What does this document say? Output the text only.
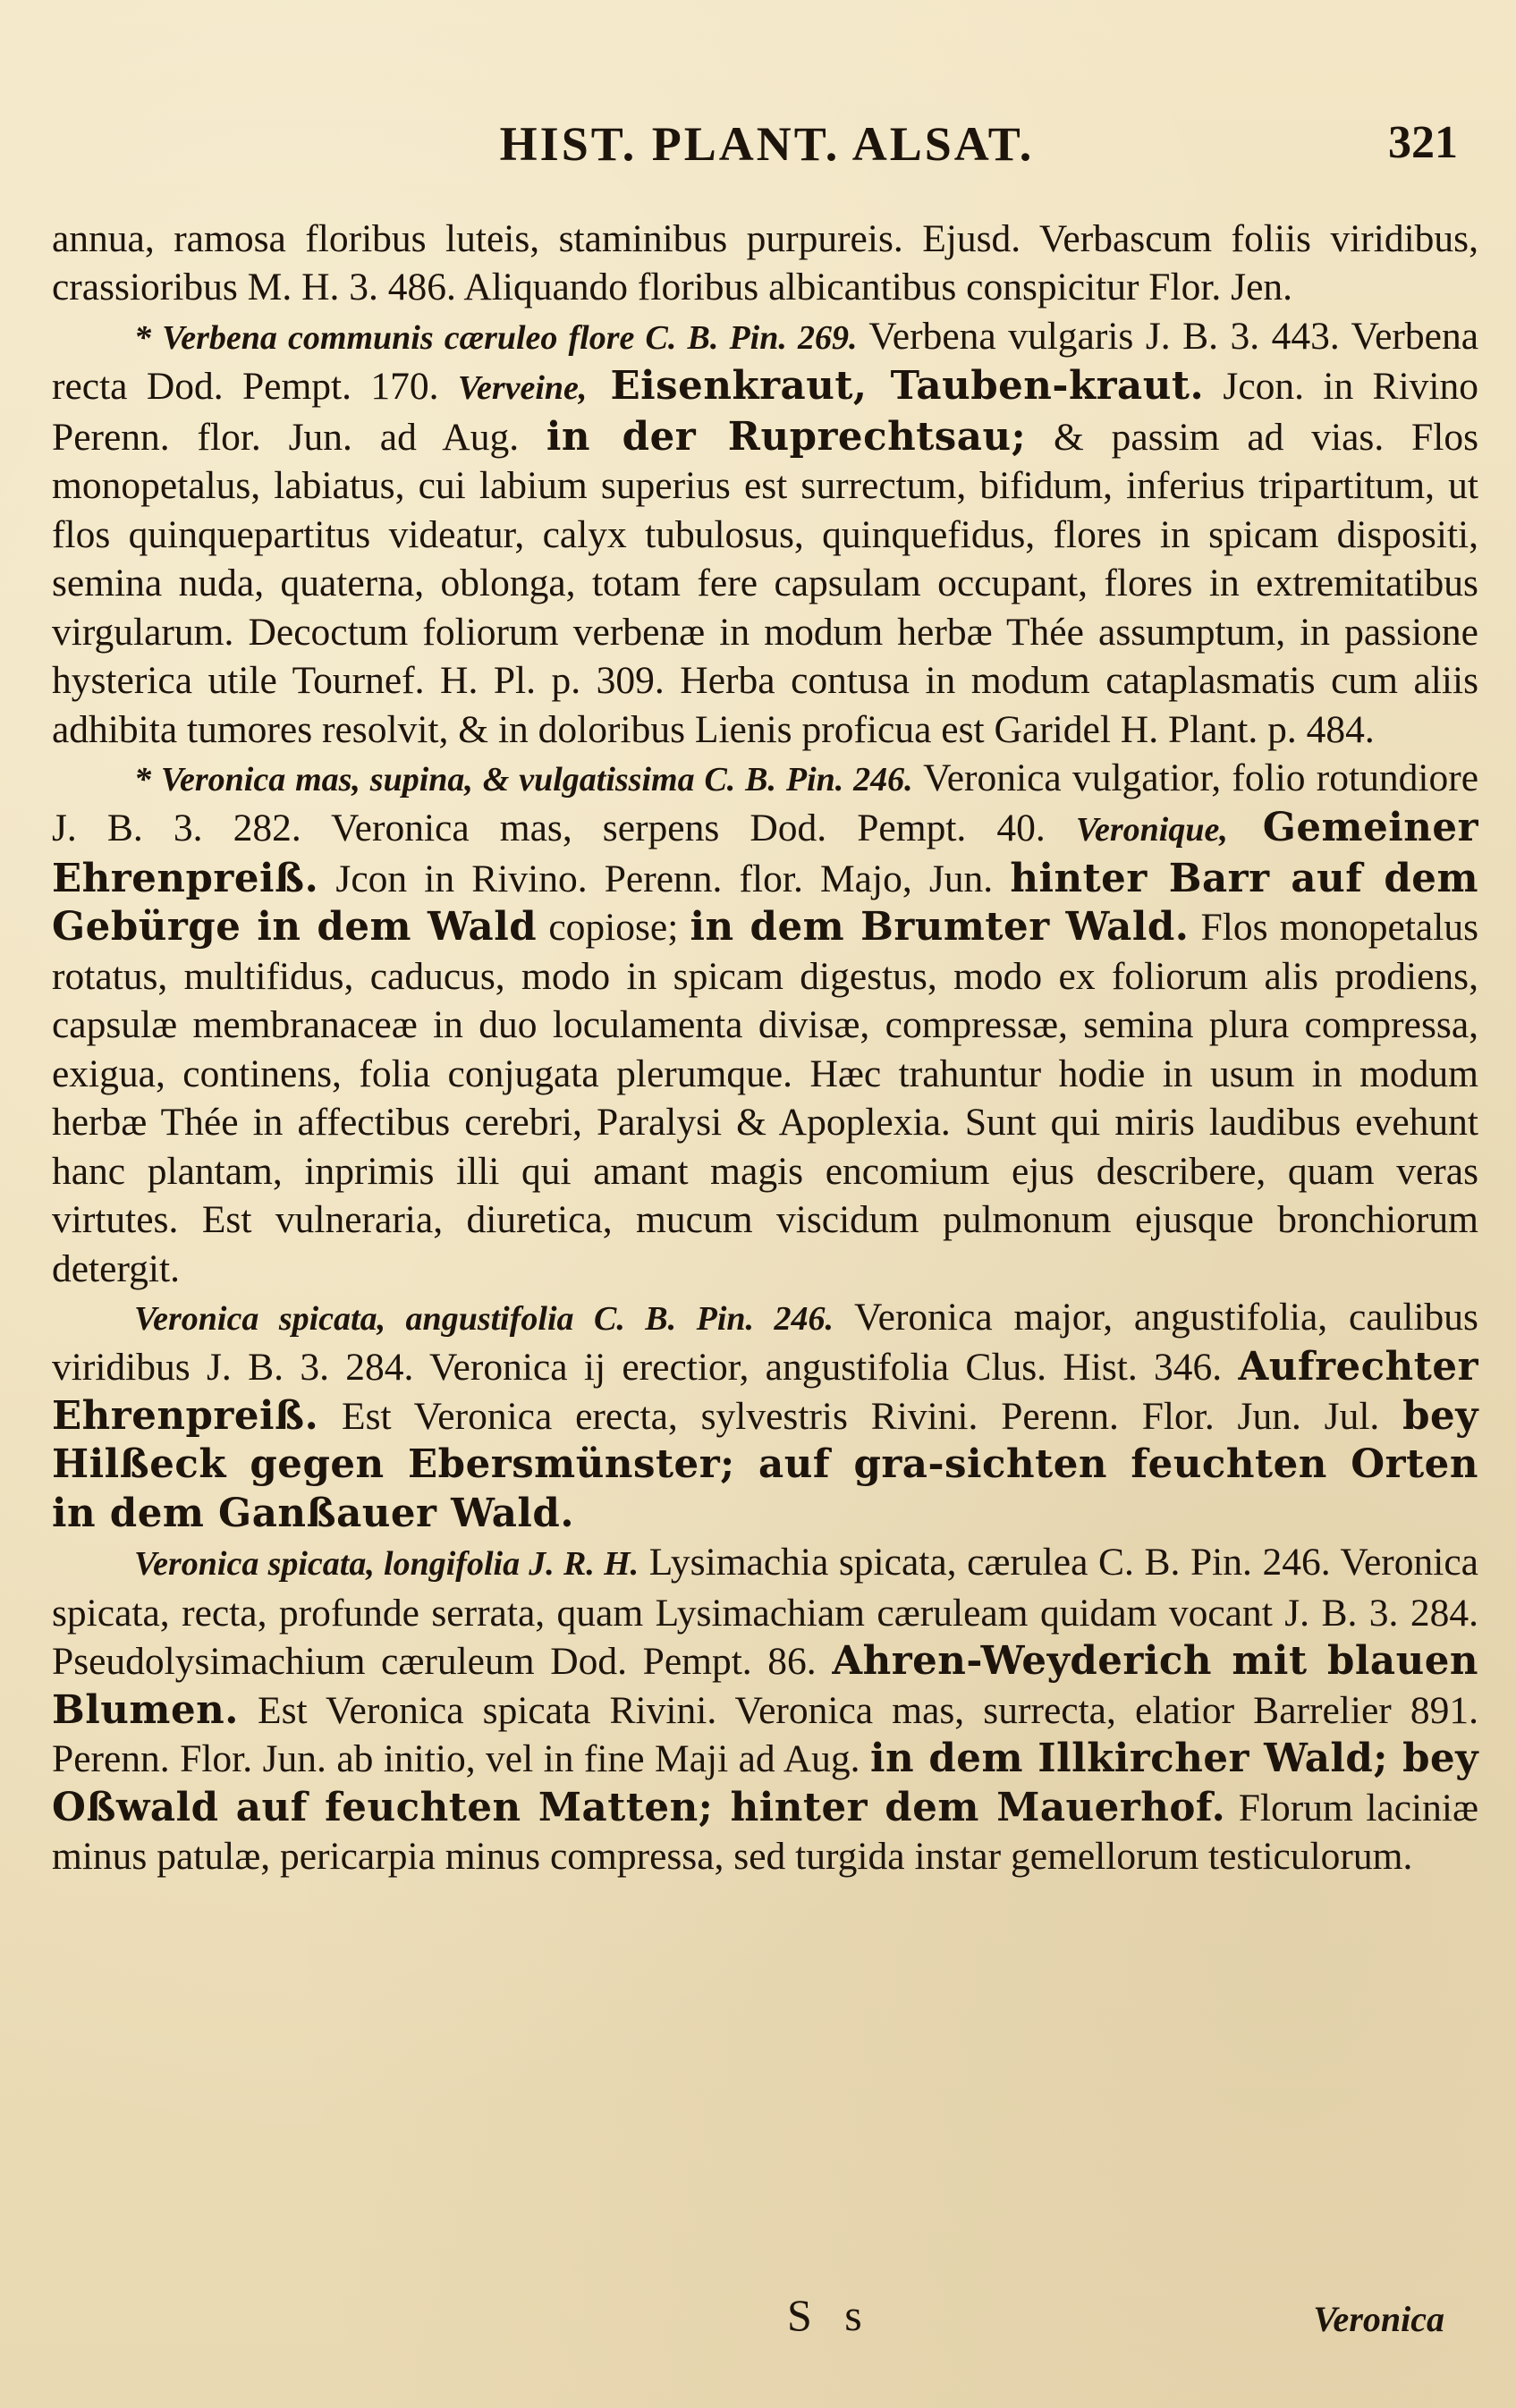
HIST. PLANT. ALSAT.	321

annua, ramosa floribus luteis, staminibus purpureis. Ejusd. Verbascum foliis viridibus, crassioribus M. H. 3. 486. Aliquando floribus albicantibus conspicitur Flor. Jen.

* Verbena communis cæruleo flore C. B. Pin. 269. Verbena vulgaris J. B. 3. 443. Verbena recta Dod. Pempt. 170. Verveine, Eisenkraut, Tauben-kraut. Jcon. in Rivino Perenn. flor. Jun. ad Aug. in der Ruprechtsau; & passim ad vias. Flos monopetalus, labiatus, cui labium superius est surrectum, bifidum, inferius tripartitum, ut flos quinquepartitus videatur, calyx tubulosus, quinquefidus, flores in spicam dispositi, semina nuda, quaterna, oblonga, totam fere capsulam occupant, flores in extremitatibus virgularum. Decoctum foliorum verbenæ in modum herbæ Thée assumptum, in passione hysterica utile Tournef. H. Pl. p. 309. Herba contusa in modum cataplasmatis cum aliis adhibita tumores resolvit, & in doloribus Lienis proficua est Garidel H. Plant. p. 484.

* Veronica mas, supina, & vulgatissima C. B. Pin. 246. Veronica vulgatior, folio rotundiore J. B. 3. 282. Veronica mas, serpens Dod. Pempt. 40. Veronique, Gemeiner Ehrenpreiß. Jcon in Rivino. Perenn. flor. Majo, Jun. hinter Barr auf dem Gebürge in dem Wald copiose; in dem Brumter Wald. Flos monopetalus rotatus, multifidus, caducus, modo in spicam digestus, modo ex foliorum alis prodiens, capsulæ membranaceæ in duo loculamenta divisæ, compressæ, semina plura compressa, exigua, continens, folia conjugata plerumque. Hæc trahuntur hodie in usum in modum herbæ Thée in affectibus cerebri, Paralysi & Apoplexia. Sunt qui miris laudibus evehunt hanc plantam, inprimis illi qui amant magis encomium ejus describere, quam veras virtutes. Est vulneraria, diuretica, mucum viscidum pulmonum ejusque bronchiorum detergit.

Veronica spicata, angustifolia C. B. Pin. 246. Veronica major, angustifolia, caulibus viridibus J. B. 3. 284. Veronica ij erectior, angustifolia Clus. Hist. 346. Aufrechter Ehrenpreiß. Est Veronica erecta, sylvestris Rivini. Perenn. Flor. Jun. Jul. bey Hilßeck gegen Ebersmünster; auf gra-sichten feuchten Orten in dem Ganßauer Wald.

Veronica spicata, longifolia J. R. H. Lysimachia spicata, cærulea C. B. Pin. 246. Veronica spicata, recta, profunde serrata, quam Lysimachiam cæruleam quidam vocant J. B. 3. 284. Pseudolysimachium cæruleum Dod. Pempt. 86. Ahren-Weyderich mit blauen Blumen. Est Veronica spicata Rivini. Veronica mas, surrecta, elatior Barrelier 891. Perenn. Flor. Jun. ab initio, vel in fine Maji ad Aug. in dem Illkircher Wald; bey Oßwald auf feuchten Matten; hinter dem Mauerhof. Florum laciniæ minus patulæ, pericarpia minus compressa, sed turgida instar gemellorum testiculorum.

S s	Veronica
